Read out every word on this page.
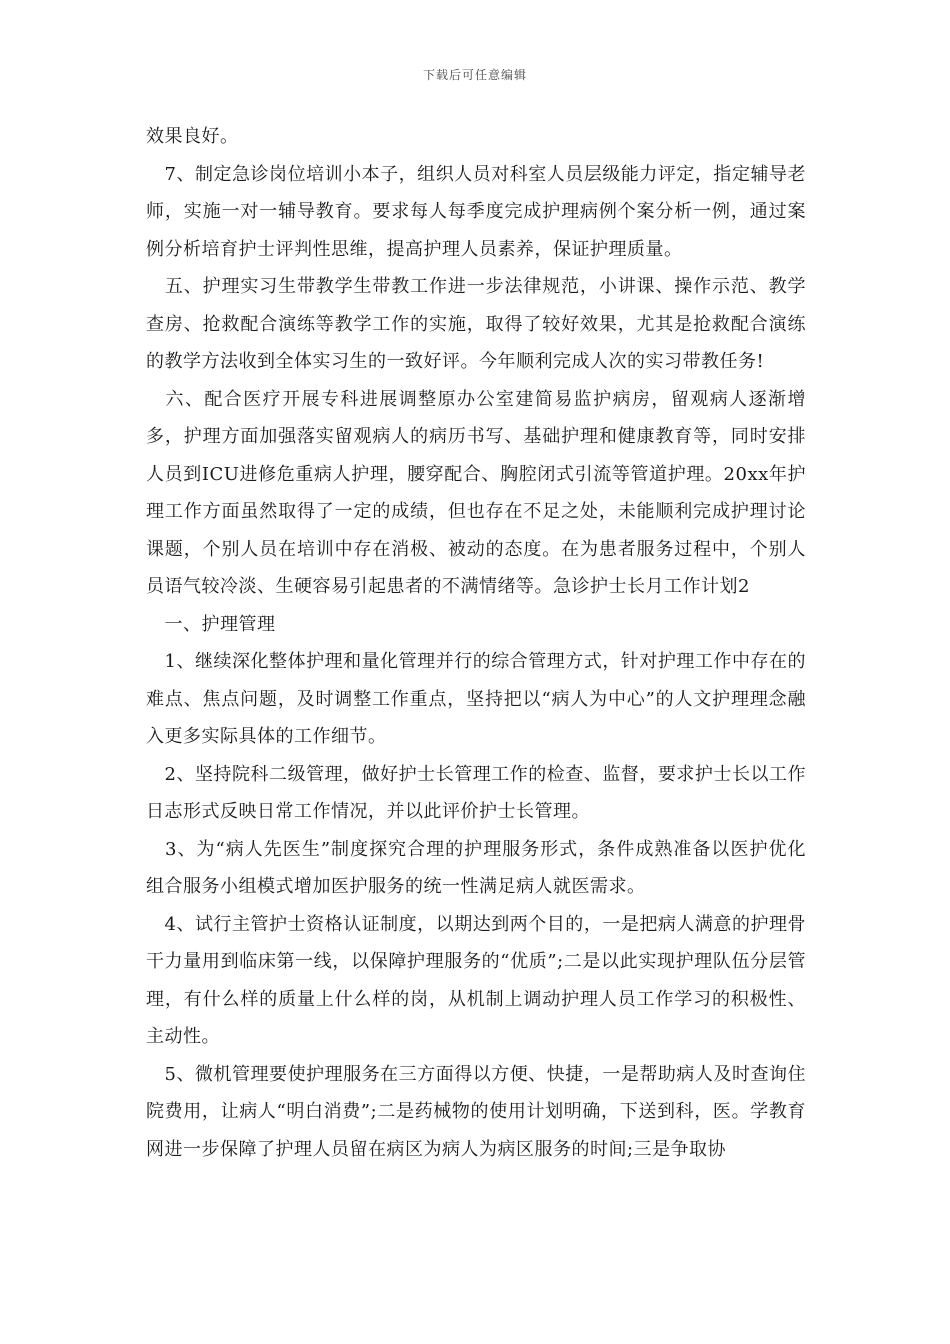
下载后可任意编辑

效果良好。

　7、制定急诊岗位培训小本子，组织人员对科室人员层级能力评定，指定辅导老师，实施一对一辅导教育。要求每人每季度完成护理病例个案分析一例，通过案例分析培育护士评判性思维，提高护理人员素养，保证护理质量。

　五、护理实习生带教学生带教工作进一步法律规范，小讲课、操作示范、教学查房、抢救配合演练等教学工作的实施，取得了较好效果，尤其是抢救配合演练的教学方法收到全体实习生的一致好评。今年顺利完成人次的实习带教任务!

　六、配合医疗开展专科进展调整原办公室建简易监护病房，留观病人逐渐增多，护理方面加强落实留观病人的病历书写、基础护理和健康教育等，同时安排人员到ICU进修危重病人护理，腰穿配合、胸腔闭式引流等管道护理。20xx年护理工作方面虽然取得了一定的成绩，但也存在不足之处，未能顺利完成护理讨论课题，个别人员在培训中存在消极、被动的态度。在为患者服务过程中，个别人员语气较冷淡、生硬容易引起患者的不满情绪等。急诊护士长月工作计划2

　一、护理管理

　1、继续深化整体护理和量化管理并行的综合管理方式，针对护理工作中存在的难点、焦点问题，及时调整工作重点，坚持把以“病人为中心”的人文护理理念融入更多实际具体的工作细节。

　2、坚持院科二级管理，做好护士长管理工作的检查、监督，要求护士长以工作日志形式反映日常工作情况，并以此评价护士长管理。

　3、为“病人先医生”制度探究合理的护理服务形式，条件成熟准备以医护优化组合服务小组模式增加医护服务的统一性满足病人就医需求。

　4、试行主管护士资格认证制度，以期达到两个目的，一是把病人满意的护理骨干力量用到临床第一线，以保障护理服务的“优质”;二是以此实现护理队伍分层管理，有什么样的质量上什么样的岗，从机制上调动护理人员工作学习的积极性、主动性。

　5、微机管理要使护理服务在三方面得以方便、快捷，一是帮助病人及时查询住院费用，让病人“明白消费”;二是药械物的使用计划明确，下送到科，医。学教育网进一步保障了护理人员留在病区为病人为病区服务的时间;三是争取协
